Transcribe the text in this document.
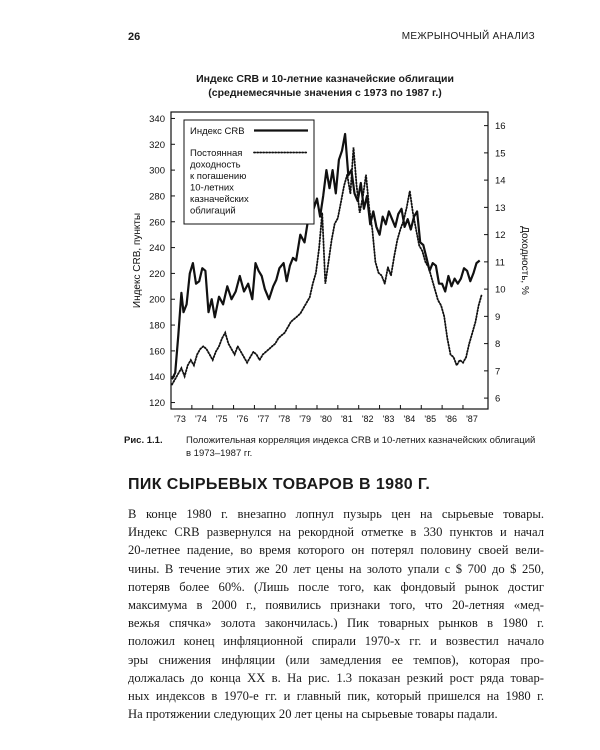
26	МЕЖРЫНОЧНЫЙ АНАЛИЗ
Индекс CRB и 10-летние казначейские облигации
(среднемесячные значения с 1973 по 1987 г.)
120
140
160
180
200
220
240
260
280
300
320
340
6
7
8
9
10
11
12
13
14
15
16
'73 '74 '75 '76 '77 '78 '79 '80 '81 '82 '83 '84 '85 '86 '87
Индекс CRB, пункты	Доходность, %
Индекс CRB
Постоянная
доходность
к погашению
10-летних
казначейских
облигаций
Рис. 1.1. Положительная корреляция индекса CRB и 10-летних казначейских облигаций
в 1973–1987 гг.
ПИК СЫРЬЕВЫХ ТОВАРОВ В 1980 Г.
В конце 1980 г. внезапно лопнул пузырь цен на сырьевые товары.
Индекс CRB развернулся на рекордной отметке в 330 пунктов и начал
20-летнее падение, во время которого он потерял половину своей вели-
чины. В течение этих же 20 лет цены на золото упали с $ 700 до $ 250,
потеряв более 60%. (Лишь после того, как фондовый рынок достиг
максимума в 2000 г., появились признаки того, что 20-летняя «мед-
вежья спячка» золота закончилась.) Пик товарных рынков в 1980 г.
положил конец инфляционной спирали 1970-х гг. и возвестил начало
эры снижения инфляции (или замедления ее темпов), которая про-
должалась до конца XX в. На рис. 1.3 показан резкий рост ряда товар-
ных индексов в 1970-е гг. и главный пик, который пришелся на 1980 г.
На протяжении следующих 20 лет цены на сырьевые товары падали.
